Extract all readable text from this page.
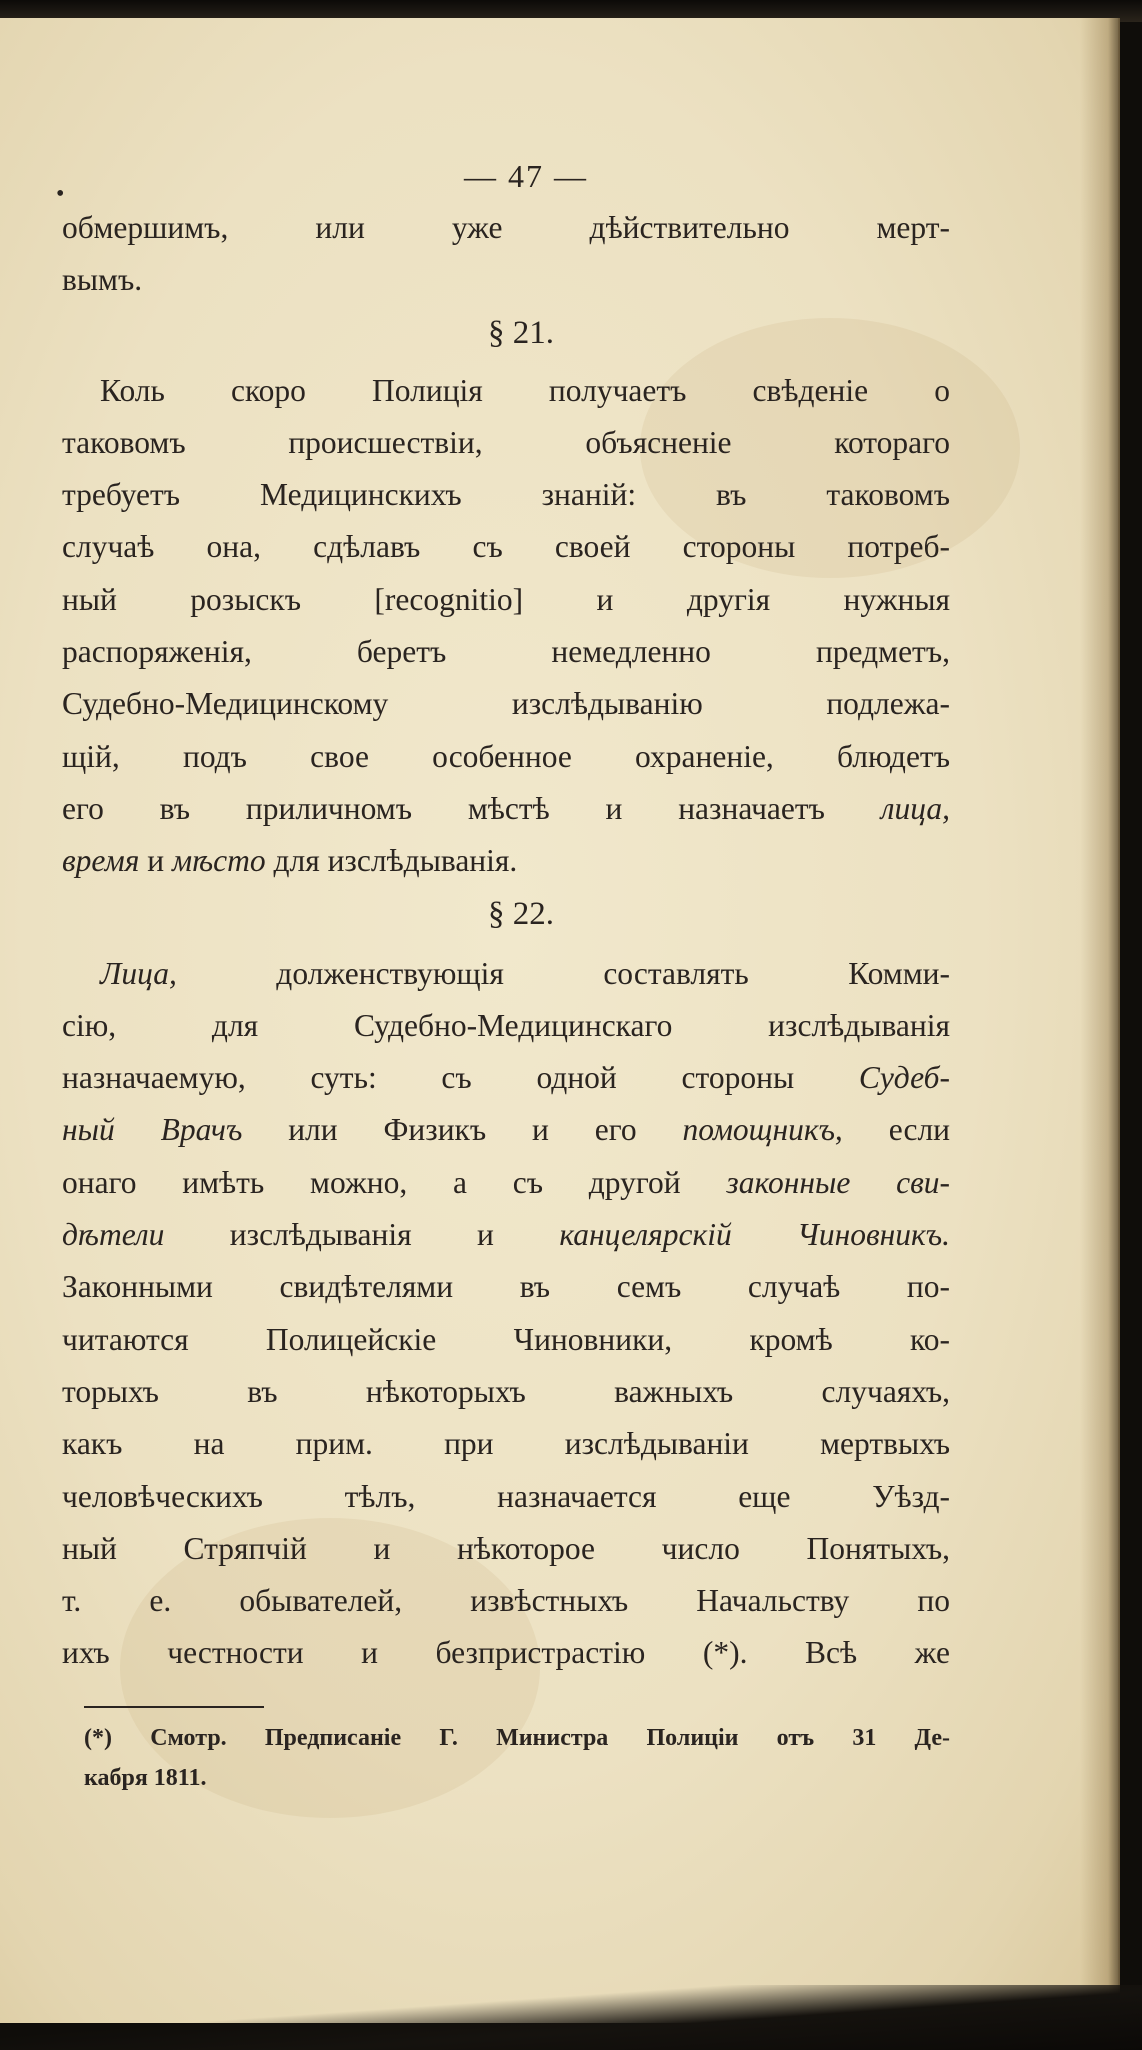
•	— 47 —
обмершимъ, или уже дѣйствительно мерт-
вымъ.
§ 21.
Коль скоро Полиція получаетъ свѣденіе о
таковомъ происшествіи, объясненіе котораго
требуетъ Медицинскихъ знаній: въ таковомъ
случаѣ она, сдѣлавъ съ своей стороны потреб-
ный розыскъ [recognitio] и другія нужныя
распоряженія, беретъ немедленно предметъ,
Судебно-Медицинскому изслѣдыванію подлежа-
щій, подъ свое особенное охраненіе, блюдетъ
его въ приличномъ мѣстѣ и назначаетъ лица,
время и мѣсто для изслѣдыванія.
§ 22.
Лица,	долженствующія составлять Комми-
сію, для Судебно-Медицинскаго изслѣдыванія
назначаемую, суть: съ одной стороны Судеб-
ный Врачъ или Физикъ и его помощникъ, если
онаго имѣть можно, а съ другой законные сви-
дѣтели изслѣдыванія и канцелярскій Чиновникъ.
Законными свидѣтелями въ семъ случаѣ по-
читаются Полицейскіе Чиновники, кромѣ ко-
торыхъ въ нѣкоторыхъ важныхъ случаяхъ,
какъ на прим. при изслѣдываніи мертвыхъ
человѣческихъ тѣлъ, назначается еще Уѣзд-
ный Стряпчій и нѣкоторое число Понятыхъ,
т. е. обывателей, извѣстныхъ Начальству по
ихъ честности и безпристрастію (*). Всѣ же
(*) Смотр. Предписаніе Г. Министра Полиціи отъ 31 Де-
кабря 1811.
